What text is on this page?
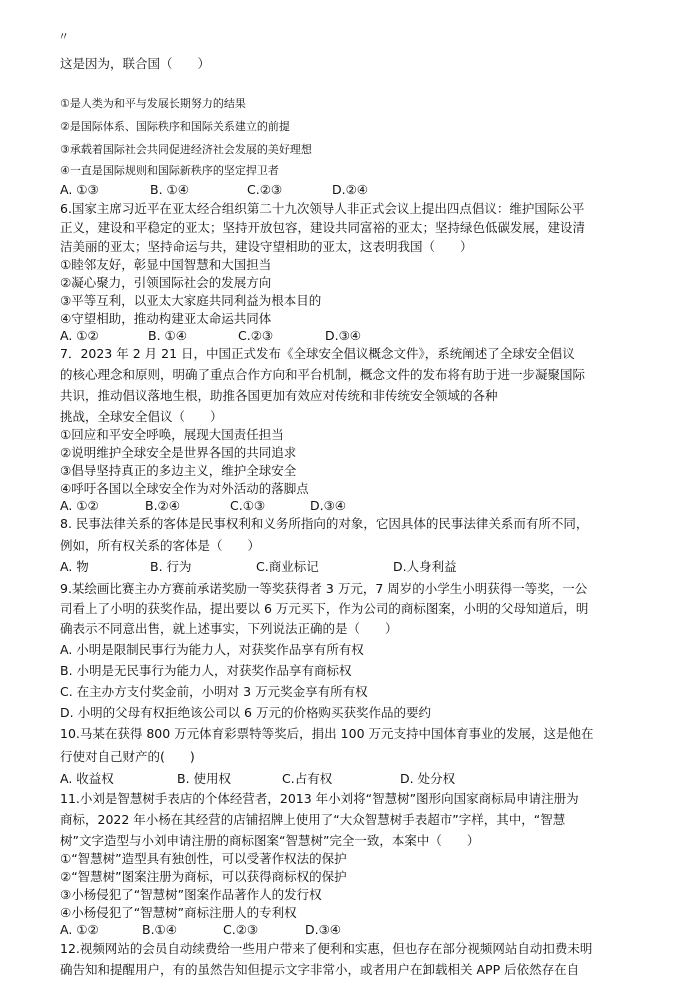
〃
这是因为，联合国（　　）
①是人类为和平与发展长期努力的结果
②是国际体系、国际秩序和国际关系建立的前提
③承载着国际社会共同促进经济社会发展的美好理想
④一直是国际规则和国际新秩序的坚定捍卫者
A. ①③	B. ①④	C.②③	D.②④
6.国家主席习近平在亚太经合组织第二十九次领导人非正式会议上提出四点倡议：维护国际公平
正义，建设和平稳定的亚太；坚持开放包容，建设共同富裕的亚太；坚持绿色低碳发展，建设清
洁美丽的亚太；坚持命运与共，建设守望相助的亚太，这表明我国（　　）
①睦邻友好，彰显中国智慧和大国担当
②凝心聚力，引领国际社会的发展方向
③平等互利，以亚太大家庭共同利益为根本目的
④守望相助，推动构建亚太命运共同体
A. ①②	B. ①④	C.②③	D.③④
7．2023 年 2 月 21 日，中国正式发布《全球安全倡议概念文件》，系统阐述了全球安全倡议
的核心理念和原则，明确了重点合作方向和平台机制，概念文件的发布将有助于进一步凝聚国际
共识，推动倡议落地生根，助推各国更加有效应对传统和非传统安全领域的各种
挑战，全球安全倡议（　　）
①回应和平安全呼唤，展现大国责任担当
②说明维护全球安全是世界各国的共同追求
③倡导坚持真正的多边主义，维护全球安全
④呼吁各国以全球安全作为对外活动的落脚点
A. ①②	B.②④	C.①③	D.③④
8. 民事法律关系的客体是民事权利和义务所指向的对象，它因具体的民事法律关系而有所不同，
例如，所有权关系的客体是（　　）
A. 物	B. 行为	C.商业标记	D.人身利益
9.某绘画比赛主办方赛前承诺奖励一等奖获得者 3 万元，7 周岁的小学生小明获得一等奖，一公
司看上了小明的获奖作品，提出要以 6 万元买下，作为公司的商标图案，小明的父母知道后，明
确表示不同意出售，就上述事实，下列说法正确的是（　　）
A. 小明是限制民事行为能力人，对获奖作品享有所有权
B. 小明是无民事行为能力人，对获奖作品享有商标权
C. 在主办方支付奖金前，小明对 3 万元奖金享有所有权
D. 小明的父母有权拒绝该公司以 6 万元的价格购买获奖作品的要约
10.马某在获得 800 万元体育彩票特等奖后，捐出 100 万元支持中国体育事业的发展，这是他在
行使对自己财产的(　　)
A. 收益权	B. 使用权	C.占有权	D. 处分权
11.小刘是智慧树手表店的个体经营者，2013 年小刘将“智慧树”图形向国家商标局申请注册为
商标，2022 年小杨在其经营的店铺招牌上使用了“大众智慧树手表超市”字样，其中，“智慧
树”文字造型与小刘申请注册的商标图案“智慧树”完全一致，本案中（　　）
①“智慧树”造型具有独创性，可以受著作权法的保护
②“智慧树”图案注册为商标，可以获得商标权的保护
③小杨侵犯了“智慧树”图案作品著作人的发行权
④小杨侵犯了“智慧树”商标注册人的专利权
A. ①②	B.①④	C.②③	D.③④
12.视频网站的会员自动续费给一些用户带来了便利和实惠，但也存在部分视频网站自动扣费未明
确告知和提醒用户，有的虽然告知但提示文字非常小，或者用户在卸载相关 APP 后依然存在自
